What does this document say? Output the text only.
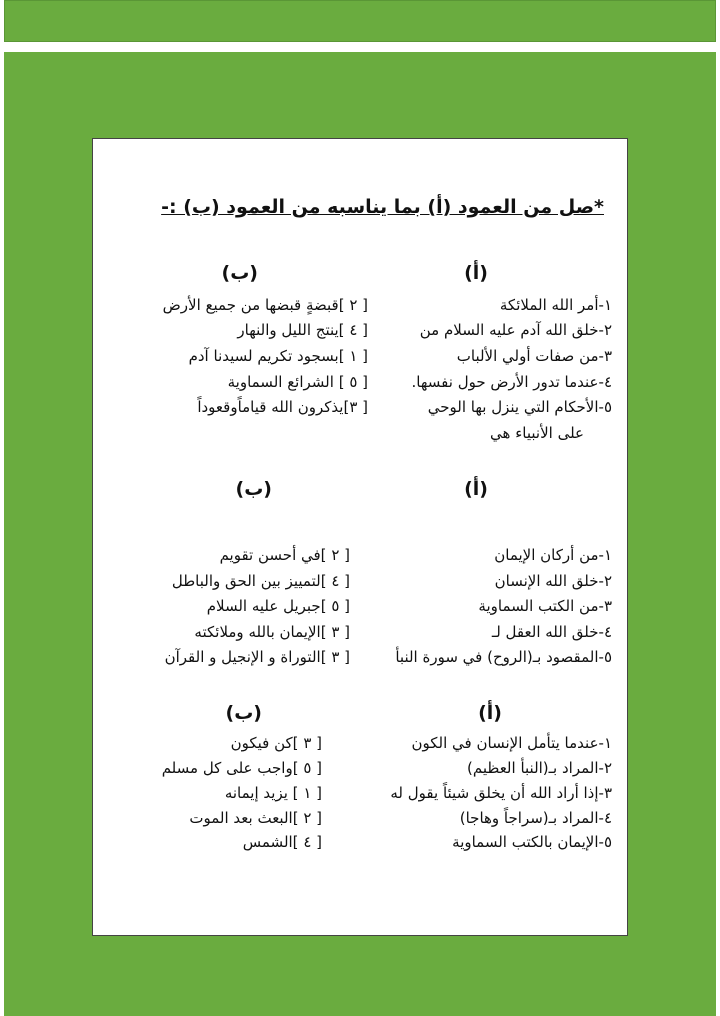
*صل من العمود (أ) بما يناسبه من العمود (ب) :-
(أ)
(ب)
١-أمر الله الملائكة
٢-خلق الله آدم عليه السلام من
٣-من صفات أولي الألباب
٤-عندما تدور الأرض حول نفسها.
٥-الأحكام التي ينزل بها الوحي
على الأنبياء هي
[ ٢ ]قبضةٍ قبضها من جميع الأرض
[ ٤ ]ينتج الليل والنهار
[ ١ ]بسجود تكريم لسيدنا آدم
[ ٥ ] الشرائع السماوية
[ ٣]يذكرون الله قياماًوقعوداً
(أ)
(ب)
١-من أركان الإيمان
٢-خلق الله الإنسان
٣-من الكتب السماوية
٤-خلق الله العقل لـ
٥-المقصود بـ(الروح) في سورة النبأ
[ ٢ ]في أحسن تقويم
[ ٤ ]لتمييز بين الحق والباطل
[ ٥ ]جبريل عليه السلام
[ ٣ ]الإيمان بالله وملائكته
[ ٣ ]التوراة و الإنجيل و القرآن
(أ)
(ب)
١-عندما يتأمل الإنسان في الكون
٢-المراد بـ(النبأ العظيم)
٣-إذا أراد الله أن يخلق شيئاً يقول له
٤-المراد بـ(سراجاً وهاجا)
٥-الإيمان بالكتب السماوية
[ ٣ ]كن فيكون
[ ٥ ]واجب على كل مسلم
[ ١ ] يزيد إيمانه
[ ٢ ]البعث بعد الموت
[ ٤ ]الشمس
